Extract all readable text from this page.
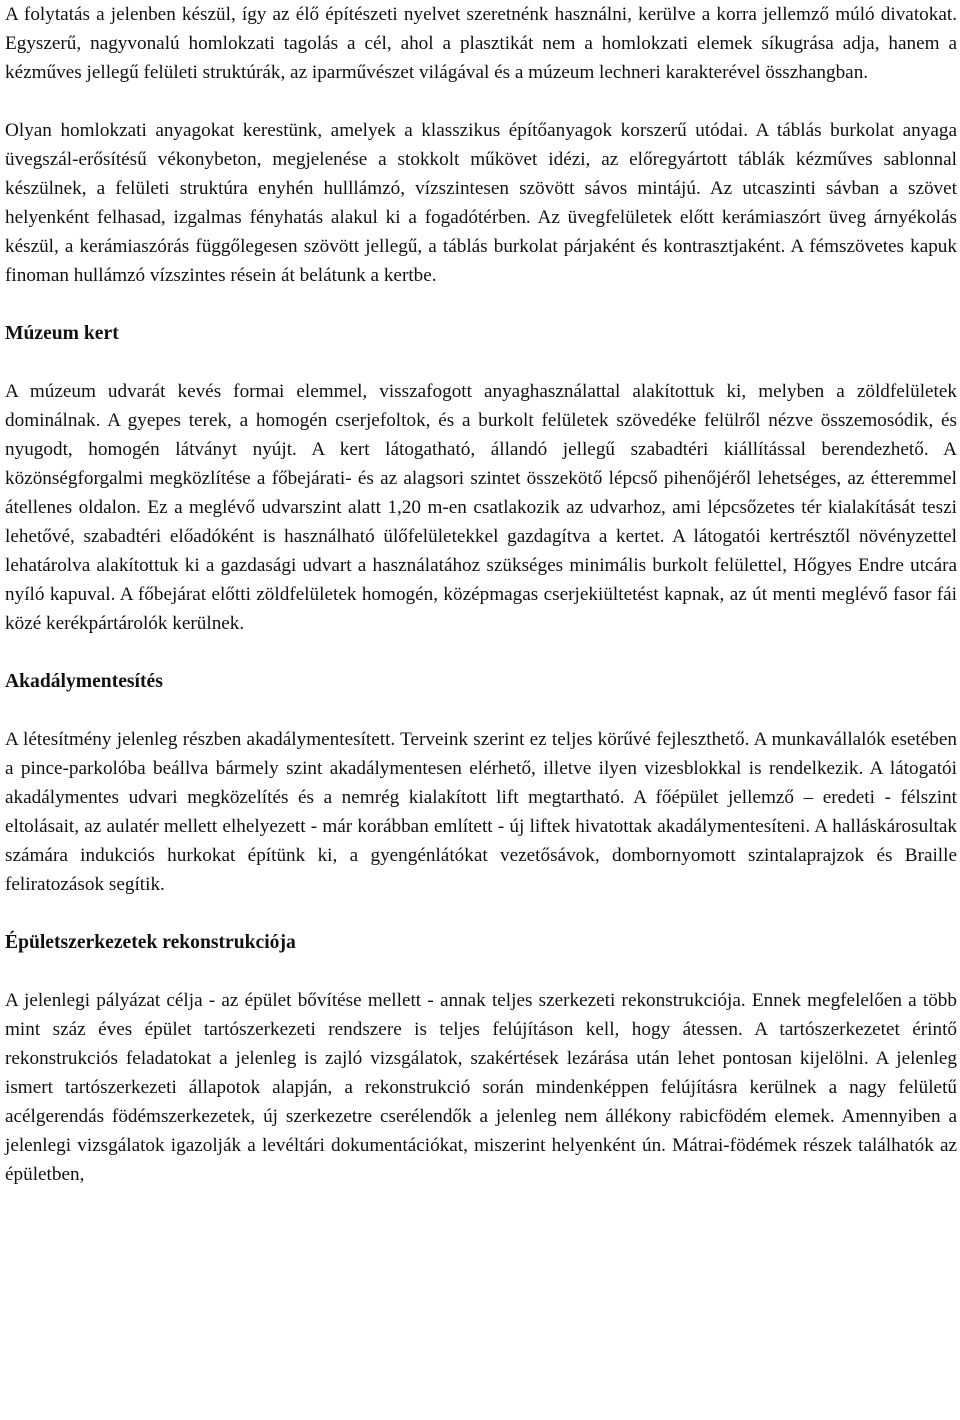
A folytatás a jelenben készül, így az élő építészeti nyelvet szeretnénk használni, kerülve a korra jellemző múló divatokat. Egyszerű, nagyvonalú homlokzati tagolás a cél, ahol a plasztikát nem a homlokzati elemek síkugrása adja, hanem a kézműves jellegű felületi struktúrák, az iparművészet világával és a múzeum lechneri karakterével összhangban.

Olyan homlokzati anyagokat kerestünk, amelyek a klasszikus építőanyagok korszerű utódai. A táblás burkolat anyaga üvegszál-erősítésű vékonybeton, megjelenése a stokkolt műkövet idézi, az előregyártott táblák kézműves sablonnal készülnek, a felületi struktúra enyhén hulllámzó, vízszintesen szövött sávos mintájú. Az utcaszinti sávban a szövet helyenként felhasad, izgalmas fényhatás alakul ki a fogadótérben. Az üvegfelületek előtt kerámiaszórt üveg árnyékolás készül, a kerámiaszórás függőlegesen szövött jellegű, a táblás burkolat párjaként és kontrasztjaként. A fémszövetes kapuk finoman hullámzó vízszintes résein át belátunk a kertbe.

Múzeum kert

A múzeum udvarát kevés formai elemmel, visszafogott anyaghasználattal alakítottuk ki, melyben a zöldfelületek dominálnak. A gyepes terek, a homogén cserjefoltok, és a burkolt felületek szövedéke felülről nézve összemosódik, és nyugodt, homogén látványt nyújt. A kert látogatható, állandó jellegű szabadtéri kiállítással berendezhető. A közönségforgalmi megközlítése a főbejárati- és az alagsori szintet összekötő lépcső pihenőjéről lehetséges, az étteremmel átellenes oldalon. Ez a meglévő udvarszint alatt 1,20 m-en csatlakozik az udvarhoz, ami lépcsőzetes tér kialakítását teszi lehetővé, szabadtéri előadóként is használható ülőfelületekkel gazdagítva a kertet. A látogatói kertrésztől növényzettel lehatárolva alakítottuk ki a gazdasági udvart a használatához szükséges minimális burkolt felülettel, Hőgyes Endre utcára nyíló kapuval. A főbejárat előtti zöldfelületek homogén, középmagas cserjekiültetést kapnak, az út menti meglévő fasor fái közé kerékpártárolók kerülnek.

Akadálymentesítés

A létesítmény jelenleg részben akadálymentesített. Terveink szerint ez teljes körűvé fejleszthető. A munkavállalók esetében a pince-parkolóba beállva bármely szint akadálymentesen elérhető, illetve ilyen vizesblokkal is rendelkezik. A látogatói akadálymentes udvari megközelítés és a nemrég kialakított lift megtartható. A főépület jellemző – eredeti - félszint eltolásait, az aulatér mellett elhelyezett - már korábban említett - új liftek hivatottak akadálymentesíteni. A halláskárosultak számára indukciós hurkokat építünk ki, a gyengénlátókat vezetősávok, dombornyomott szintalaprajzok és Braille feliratozások segítik.

Épületszerkezetek rekonstrukciója

A jelenlegi pályázat célja - az épület bővítése mellett - annak teljes szerkezeti rekonstrukciója. Ennek megfelelően a több mint száz éves épület tartószerkezeti rendszere is teljes felújításon kell, hogy átessen. A tartószerkezetet érintő rekonstrukciós feladatokat a jelenleg is zajló vizsgálatok, szakértések lezárása után lehet pontosan kijelölni. A jelenleg ismert tartószerkezeti állapotok alapján, a rekonstrukció során mindenképpen felújításra kerülnek a nagy felületű acélgerendás födémszerkezetek, új szerkezetre cserélendők a jelenleg nem állékony rabicfödém elemek. Amennyiben a jelenlegi vizsgálatok igazolják a levéltári dokumentációkat, miszerint helyenként ún. Mátrai-födémek részek találhatók az épületben,
